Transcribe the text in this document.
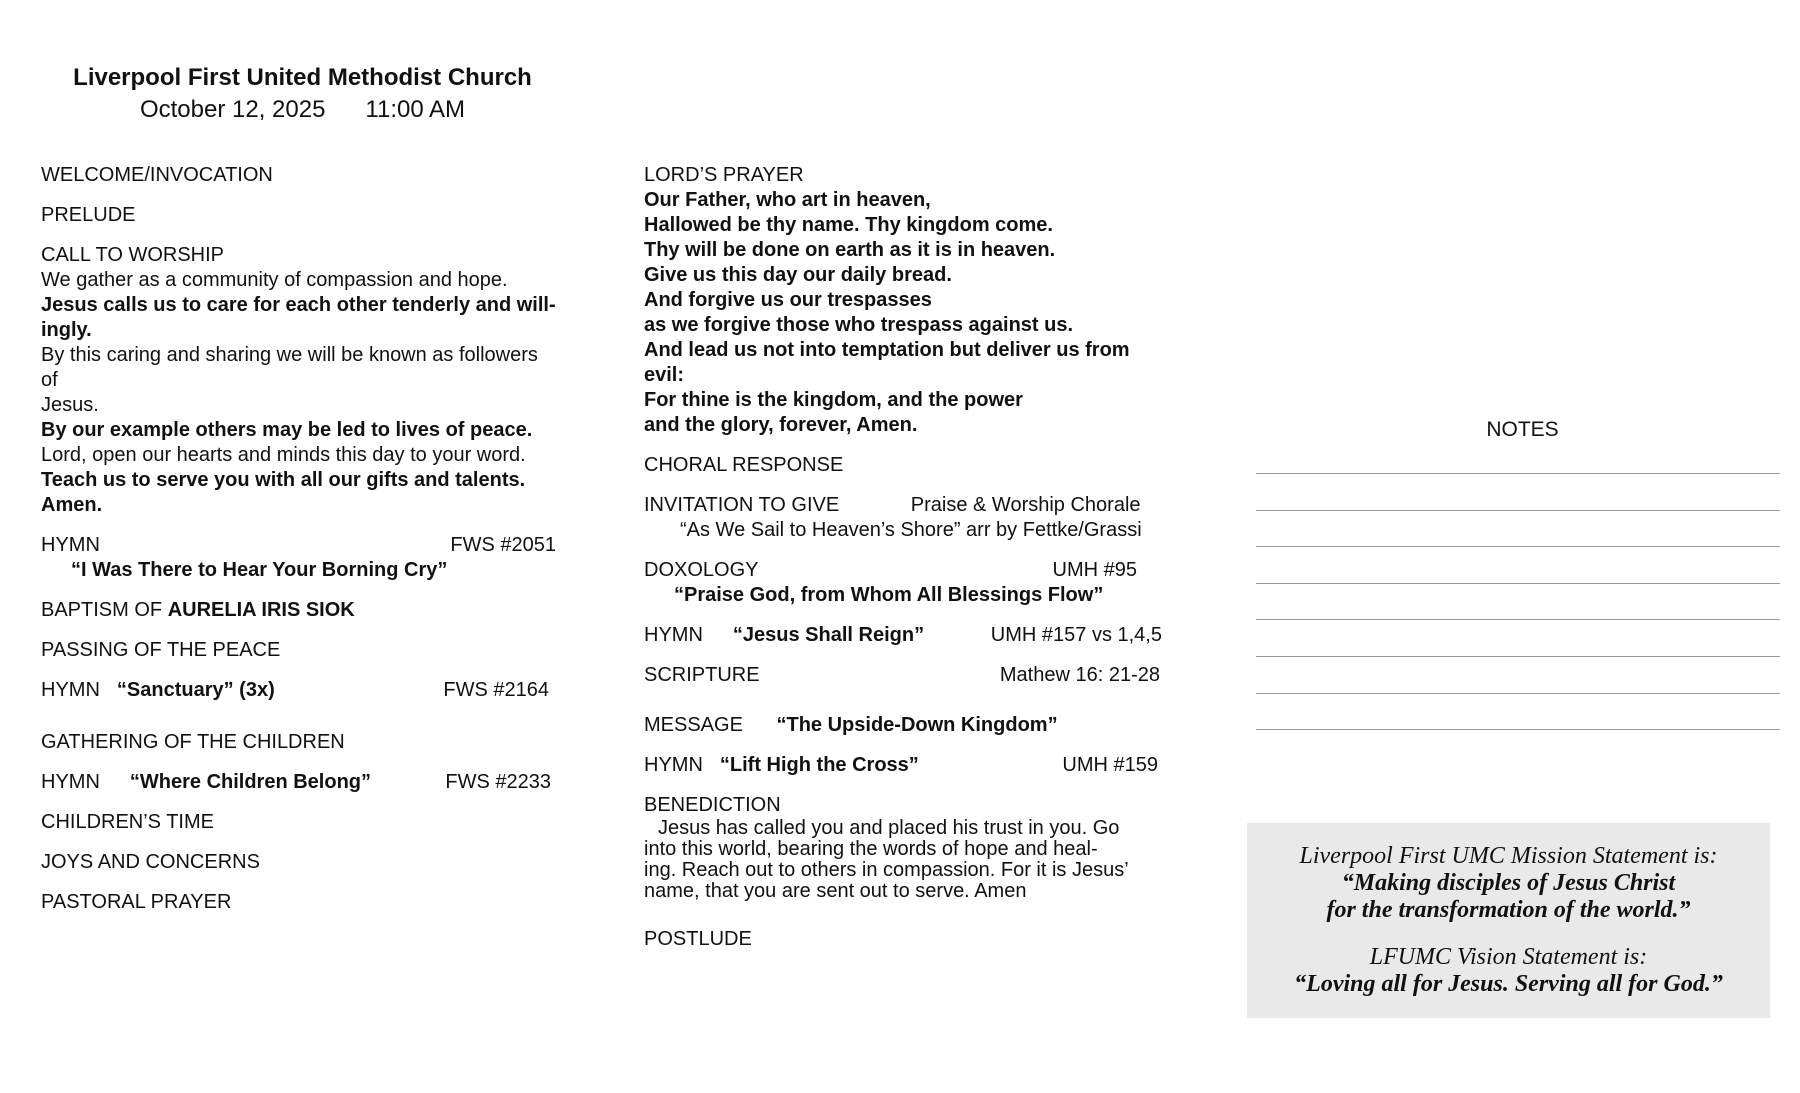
Liverpool First United Methodist Church
October 12, 2025 11:00 AM
WELCOME/INVOCATION
PRELUDE
CALL TO WORSHIP
We gather as a community of compassion and hope.
Jesus calls us to care for each other tenderly and will-
ingly.
By this caring and sharing we will be known as followers of
Jesus.
By our example others may be led to lives of peace.
Lord, open our hearts and minds this day to your word.
Teach us to serve you with all our gifts and talents.
Amen.
HYMN	FWS #2051
“I Was There to Hear Your Borning Cry”
BAPTISM OF AURELIA IRIS SIOK
PASSING OF THE PEACE
HYMN “Sanctuary” (3x)	FWS #2164
GATHERING OF THE CHILDREN
HYMN “Where Children Belong”	FWS #2233
CHILDREN’S TIME
JOYS AND CONCERNS
PASTORAL PRAYER
LORD’S PRAYER
Our Father, who art in heaven,
Hallowed be thy name. Thy kingdom come.
Thy will be done on earth as it is in heaven.
Give us this day our daily bread.
And forgive us our trespasses
as we forgive those who trespass against us.
And lead us not into temptation but deliver us from
evil:
For thine is the kingdom, and the power
and the glory, forever, Amen.
CHORAL RESPONSE
INVITATION TO GIVE	Praise & Worship Chorale
“As We Sail to Heaven’s Shore” arr by Fettke/Grassi
DOXOLOGY	UMH #95
“Praise God, from Whom All Blessings Flow”
HYMN “Jesus Shall Reign”	UMH #157 vs 1,4,5
SCRIPTURE	Mathew 16: 21-28
MESSAGE “The Upside-Down Kingdom”
HYMN “Lift High the Cross”	UMH #159
BENEDICTION
Jesus has called you and placed his trust in you. Go
into this world, bearing the words of hope and heal-
ing. Reach out to others in compassion. For it is Jesus’
name, that you are sent out to serve. Amen
POSTLUDE
NOTES
Liverpool First UMC Mission Statement is:
“Making disciples of Jesus Christ
for the transformation of the world.”
LFUMC Vision Statement is:
“Loving all for Jesus. Serving all for God.”
